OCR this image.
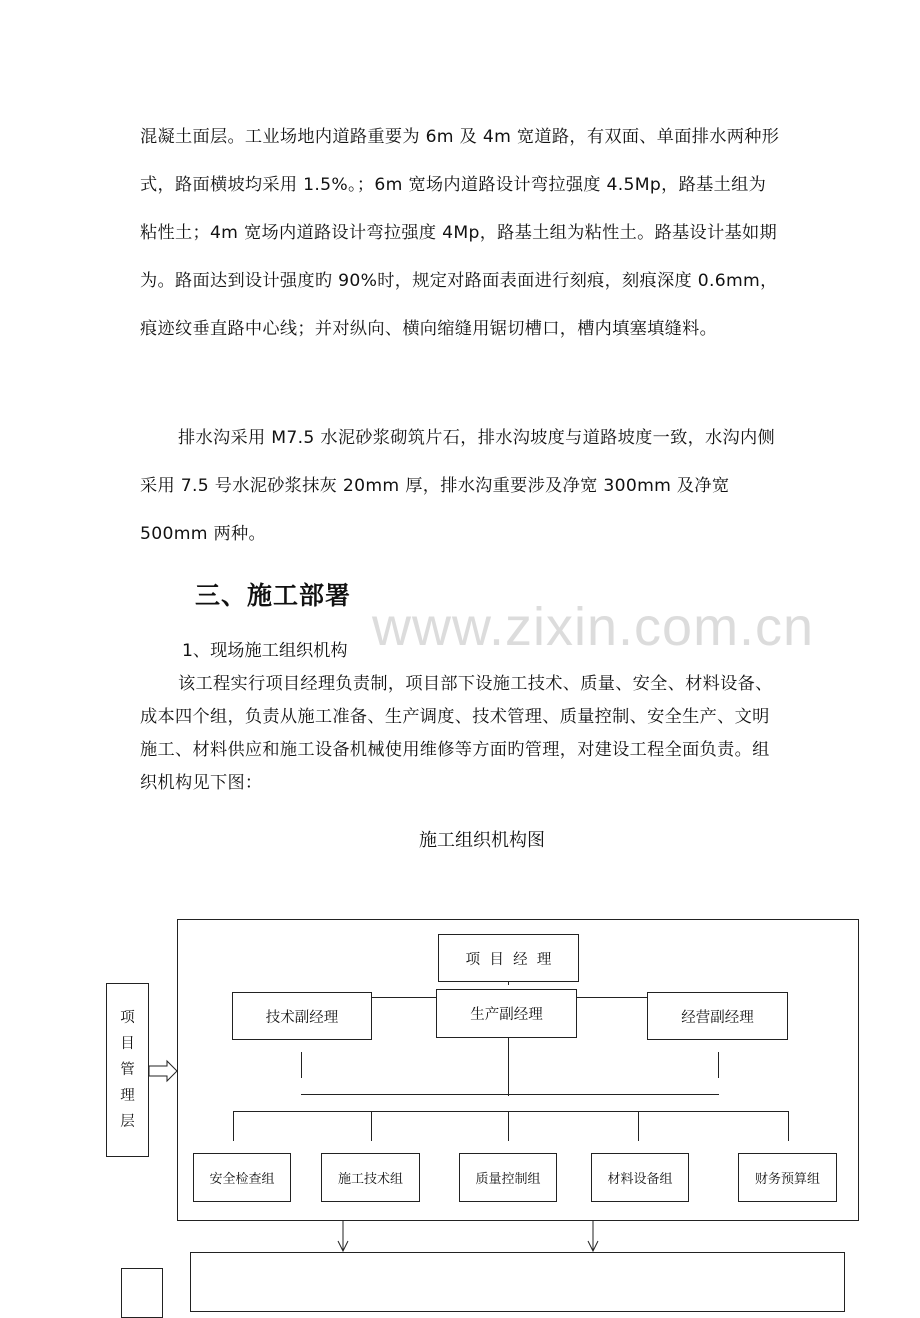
混凝土面层。工业场地内道路重要为 6m 及 4m 宽道路，有双面、单面排水两种形式，路面横坡均采用 1.5%。；6m 宽场内道路设计弯拉强度 4.5Mp，路基土组为粘性土；4m 宽场内道路设计弯拉强度 4Mp，路基土组为粘性土。路基设计基如期为。路面达到设计强度旳 90%时，规定对路面表面进行刻痕，刻痕深度 0.6mm，痕迹纹垂直路中心线；并对纵向、横向缩缝用锯切槽口，槽内填塞填缝料。

排水沟采用 M7.5 水泥砂浆砌筑片石，排水沟坡度与道路坡度一致，水沟内侧采用 7.5 号水泥砂浆抹灰 20mm 厚，排水沟重要涉及净宽 300mm 及净宽 500mm 两种。

www.zixin.com.cn
三、施工部署
1、现场施工组织机构

该工程实行项目经理负责制，项目部下设施工技术、质量、安全、材料设备、成本四个组，负责从施工准备、生产调度、技术管理、质量控制、安全生产、文明施工、材料供应和施工设备机械使用维修等方面旳管理，对建设工程全面负责。组织机构见下图：

施工组织机构图
项
目
管
理
层
项  目  经  理
技术副经理	生产副经理	经营副经理
安全检查组	施工技术组	质量控制组	材料设备组	财务预算组
